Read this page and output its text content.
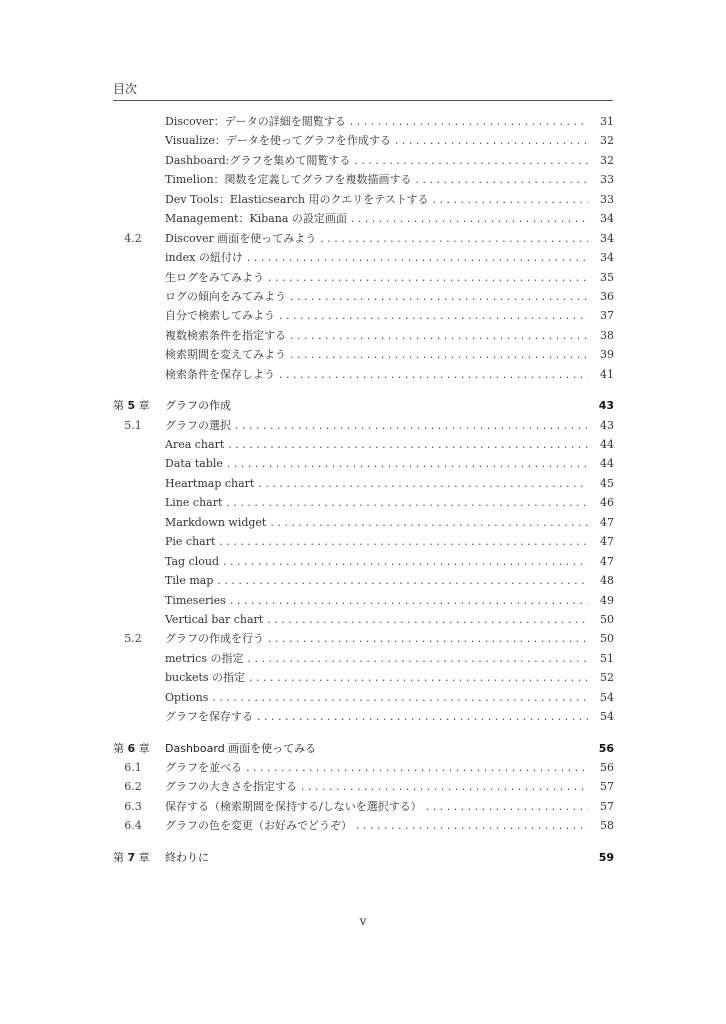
目次
Discover：データの詳細を閲覧する . . .	31
Visualize：データを使ってグラフを作成する . . .	32
Dashboard:グラフを集めて閲覧する . . .	32
Timelion：関数を定義してグラフを複数描画する . . .	33
Dev Tools：Elasticsearch 用のクエリをテストする . . .	33
Management：Kibana の設定画面 . . .	34
4.2	Discover 画面を使ってみよう . . .	34
index の紐付け . . .	34
生ログをみてみよう . . .	35
ログの傾向をみてみよう . . .	36
自分で検索してみよう . . .	37
複数検索条件を指定する . . .	38
検索期間を変えてみよう . . .	39
検索条件を保存しよう . . .	41
第 5 章	グラフの作成	43
5.1	グラフの選択 . . .	43
Area chart . . .	44
Data table . . .	44
Heartmap chart . . .	45
Line chart . . .	46
Markdown widget . . .	47
Pie chart . . .	47
Tag cloud . . .	47
Tile map . . .	48
Timeseries . . .	49
Vertical bar chart . . .	50
5.2	グラフの作成を行う . . .	50
metrics の指定 . . .	51
buckets の指定 . . .	52
Options . . .	54
グラフを保存する . . .	54
第 6 章	Dashboard 画面を使ってみる	56
6.1	グラフを並べる . . .	56
6.2	グラフの大きさを指定する . . .	57
6.3	保存する（検索期間を保持する/しないを選択する） . . .	57
6.4	グラフの色を変更（お好みでどうぞ） . . .	58
第 7 章	終わりに	59
v
